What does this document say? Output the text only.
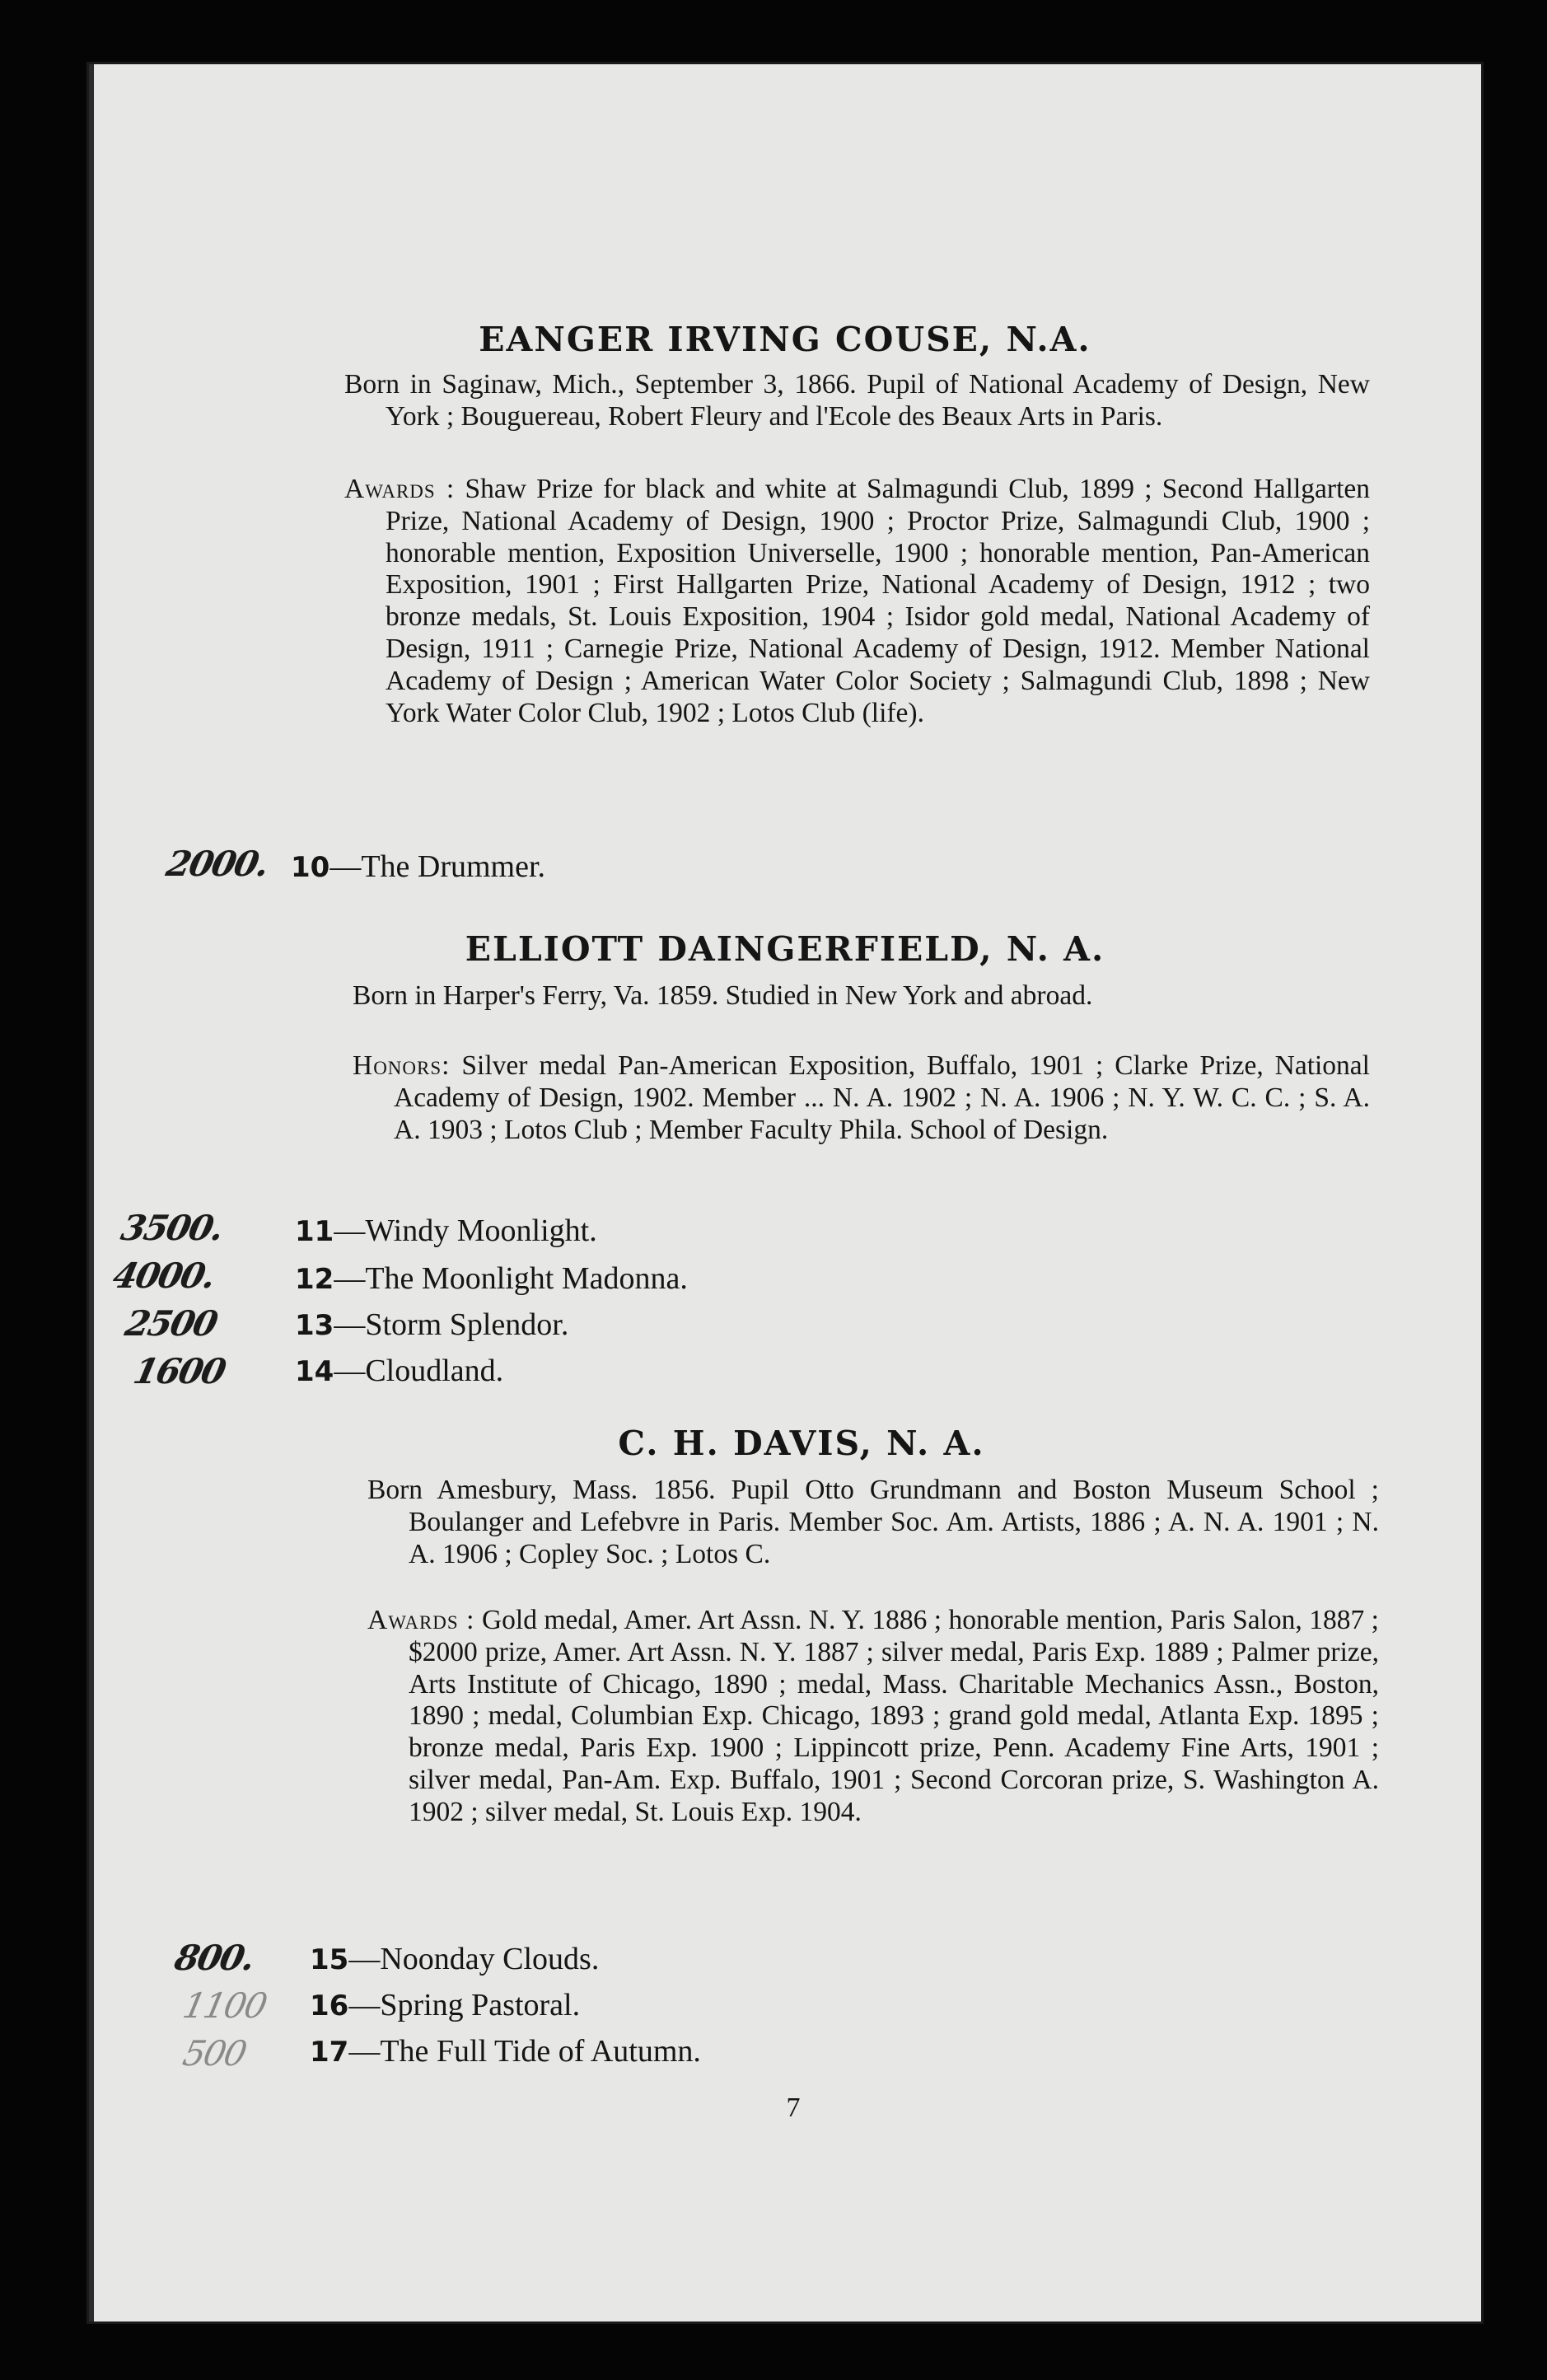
EANGER IRVING COUSE, N.A.

Born in Saginaw, Mich., September 3, 1866. Pupil of National Academy of Design, New York ; Bouguereau, Robert Fleury and l'Ecole des Beaux Arts in Paris.

Awards : Shaw Prize for black and white at Salmagundi Club, 1899 ; Second Hallgarten Prize, National Academy of Design, 1900 ; Proctor Prize, Salmagundi Club, 1900 ; honorable mention, Exposition Universelle, 1900 ; honorable mention, Pan-American Exposition, 1901 ; First Hallgarten Prize, National Academy of Design, 1912 ; two bronze medals, St. Louis Exposition, 1904 ; Isidor gold medal, National Academy of Design, 1911 ; Carnegie Prize, National Academy of Design, 1912. Member National Academy of Design ; American Water Color Society ; Salmagundi Club, 1898 ; New York Water Color Club, 1902 ; Lotos Club (life).

2000. 10—The Drummer.

ELLIOTT DAINGERFIELD, N. A.

Born in Harper's Ferry, Va. 1859. Studied in New York and abroad.

Honors: Silver medal Pan-American Exposition, Buffalo, 1901 ; Clarke Prize, National Academy of Design, 1902. Member ... N. A. 1902 ; N. A. 1906 ; N. Y. W. C. C. ; S. A. A. 1903 ; Lotos Club ; Member Faculty Phila. School of Design.

3500. 11—Windy Moonlight.

4000.	12—The Moonlight Madonna.

2500	13—Storm Splendor.

1600 14—Cloudland.

C. H. DAVIS, N. A.

Born Amesbury, Mass. 1856. Pupil Otto Grundmann and Boston Museum School ; Boulanger and Lefebvre in Paris. Member Soc. Am. Artists, 1886 ; A. N. A. 1901 ; N. A. 1906 ; Copley Soc. ; Lotos C.

Awards : Gold medal, Amer. Art Assn. N. Y. 1886 ; honorable mention, Paris Salon, 1887 ; $2000 prize, Amer. Art Assn. N. Y. 1887 ; silver medal, Paris Exp. 1889 ; Palmer prize, Arts Institute of Chicago, 1890 ; medal, Mass. Charitable Mechanics Assn., Boston, 1890 ; medal, Columbian Exp. Chicago, 1893 ; grand gold medal, Atlanta Exp. 1895 ; bronze medal, Paris Exp. 1900 ; Lippincott prize, Penn. Academy Fine Arts, 1901 ; silver medal, Pan-Am. Exp. Buffalo, 1901 ; Second Corcoran prize, S. Washington A. 1902 ; silver medal, St. Louis Exp. 1904.

800. 15—Noonday Clouds.

1100 16—Spring Pastoral.

500 17—The Full Tide of Autumn.

7
